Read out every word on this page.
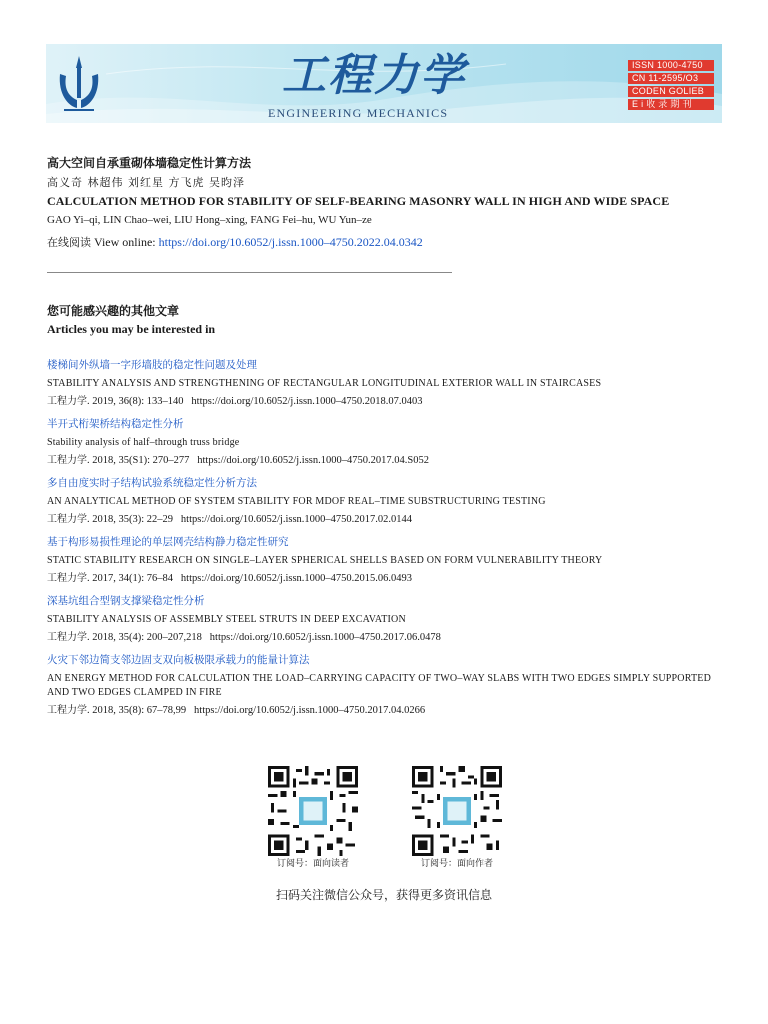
工程力学
ENGINEERING MECHANICS
ISSN 1000-4750
CN 11-2595/O3
CODEN GOLIEB
E i 收 录 期 刊
高大空间自承重砌体墙稳定性计算方法
高义奇 林超伟 刘红星 方飞虎 吴昀泽
CALCULATION METHOD FOR STABILITY OF SELF-BEARING MASONRY WALL IN HIGH AND WIDE SPACE
GAO Yi–qi, LIN Chao–wei, LIU Hong–xing, FANG Fei–hu, WU Yun–ze
在线阅读 View online: https://doi.org/10.6052/j.issn.1000–4750.2022.04.0342
您可能感兴趣的其他文章
Articles you may be interested in
楼梯间外纵墙一字形墙肢的稳定性问题及处理
STABILITY ANALYSIS AND STRENGTHENING OF RECTANGULAR LONGITUDINAL EXTERIOR WALL IN STAIRCASES
工程力学. 2019, 36(8): 133–140 https://doi.org/10.6052/j.issn.1000–4750.2018.07.0403
半开式桁架桥结构稳定性分析
Stability analysis of half–through truss bridge
工程力学. 2018, 35(S1): 270–277 https://doi.org/10.6052/j.issn.1000–4750.2017.04.S052
多自由度实时子结构试验系统稳定性分析方法
AN ANALYTICAL METHOD OF SYSTEM STABILITY FOR MDOF REAL–TIME SUBSTRUCTURING TESTING
工程力学. 2018, 35(3): 22–29 https://doi.org/10.6052/j.issn.1000–4750.2017.02.0144
基于构形易损性理论的单层网壳结构静力稳定性研究
STATIC STABILITY RESEARCH ON SINGLE–LAYER SPHERICAL SHELLS BASED ON FORM VULNERABILITY THEORY
工程力学. 2017, 34(1): 76–84 https://doi.org/10.6052/j.issn.1000–4750.2015.06.0493
深基坑组合型钢支撑梁稳定性分析
STABILITY ANALYSIS OF ASSEMBLY STEEL STRUTS IN DEEP EXCAVATION
工程力学. 2018, 35(4): 200–207,218 https://doi.org/10.6052/j.issn.1000–4750.2017.06.0478
火灾下邻边简支邻边固支双向板极限承载力的能量计算法
AN ENERGY METHOD FOR CALCULATION THE LOAD–CARRYING CAPACITY OF TWO–WAY SLABS WITH TWO EDGES SIMPLY SUPPORTED AND TWO EDGES CLAMPED IN FIRE
工程力学. 2018, 35(8): 67–78,99 https://doi.org/10.6052/j.issn.1000–4750.2017.04.0266
订阅号：面向读者	订阅号：面向作者
扫码关注微信公众号，获得更多资讯信息
